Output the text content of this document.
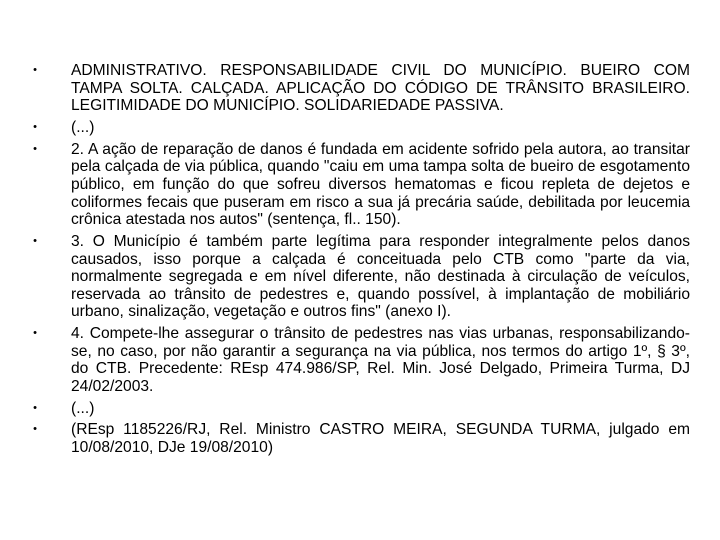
• ADMINISTRATIVO. RESPONSABILIDADE CIVIL DO MUNICÍPIO. BUEIRO COM TAMPA SOLTA. CALÇADA. APLICAÇÃO DO CÓDIGO DE TRÂNSITO BRASILEIRO. LEGITIMIDADE DO MUNICÍPIO. SOLIDARIEDADE PASSIVA.
• (...)
• 2. A ação de reparação de danos é fundada em acidente sofrido pela autora, ao transitar pela calçada de via pública, quando "caiu em uma tampa solta de bueiro de esgotamento público, em função do que sofreu diversos hematomas e ficou repleta de dejetos e coliformes fecais que puseram em risco a sua já precária saúde, debilitada por leucemia crônica atestada nos autos" (sentença, fl.. 150).
• 3. O Município é também parte legítima para responder integralmente pelos danos causados, isso porque a calçada é conceituada pelo CTB como "parte da via, normalmente segregada e em nível diferente, não destinada à circulação de veículos, reservada ao trânsito de pedestres e, quando possível, à implantação de mobiliário urbano, sinalização, vegetação e outros fins" (anexo I).
• 4. Compete-lhe assegurar o trânsito de pedestres nas vias urbanas, responsabilizando-se, no caso, por não garantir a segurança na via pública, nos termos do artigo 1º, § 3º, do CTB. Precedente: REsp 474.986/SP, Rel. Min. José Delgado, Primeira Turma, DJ 24/02/2003.
• (...)
• (REsp 1185226/RJ, Rel. Ministro CASTRO MEIRA, SEGUNDA TURMA, julgado em 10/08/2010, DJe 19/08/2010)
